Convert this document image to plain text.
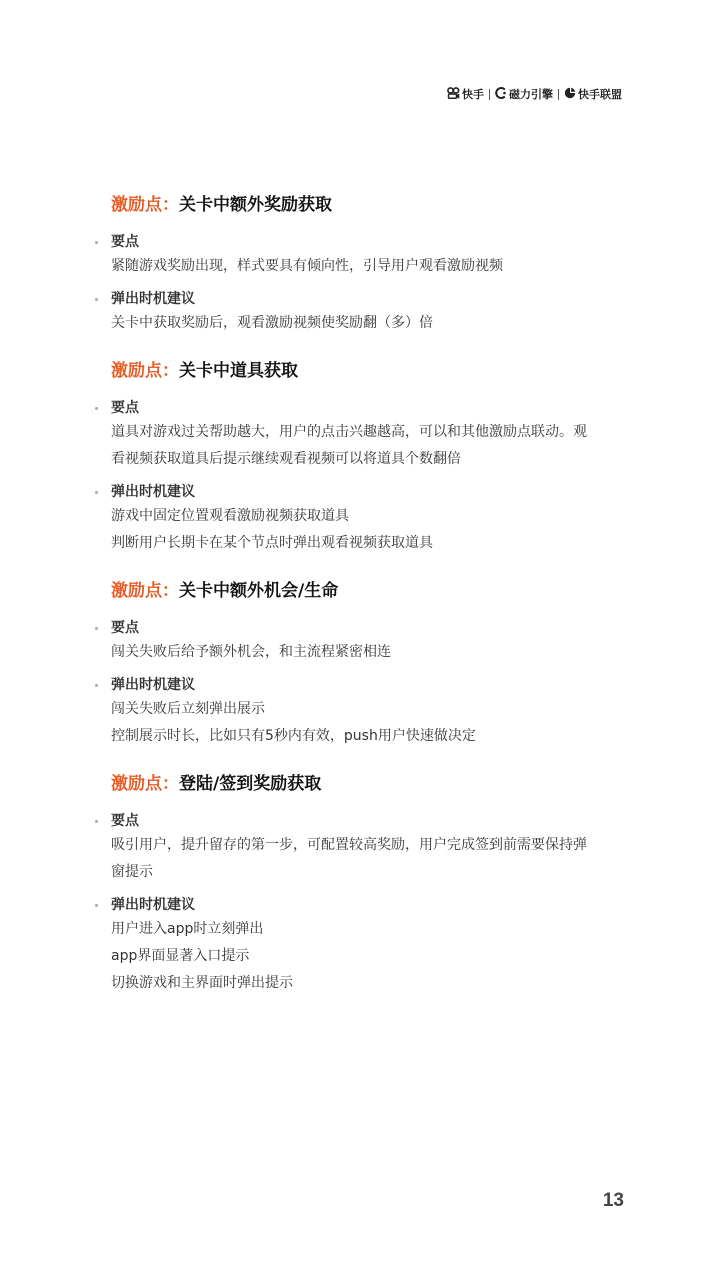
快手 磁力引擎 快手联盟
激励点：关卡中额外奖励获取
要点
紧随游戏奖励出现，样式要具有倾向性，引导用户观看激励视频
弹出时机建议
关卡中获取奖励后，观看激励视频使奖励翻（多）倍
激励点：关卡中道具获取
要点
道具对游戏过关帮助越大，用户的点击兴趣越高，可以和其他激励点联动。观
看视频获取道具后提示继续观看视频可以将道具个数翻倍
弹出时机建议
游戏中固定位置观看激励视频获取道具
判断用户长期卡在某个节点时弹出观看视频获取道具
激励点：关卡中额外机会/生命
要点
闯关失败后给予额外机会，和主流程紧密相连
弹出时机建议
闯关失败后立刻弹出展示
控制展示时长，比如只有5秒内有效，push用户快速做决定
激励点：登陆/签到奖励获取
要点
吸引用户，提升留存的第一步，可配置较高奖励，用户完成签到前需要保持弹
窗提示
弹出时机建议
用户进入app时立刻弹出
app界面显著入口提示
切换游戏和主界面时弹出提示
13
